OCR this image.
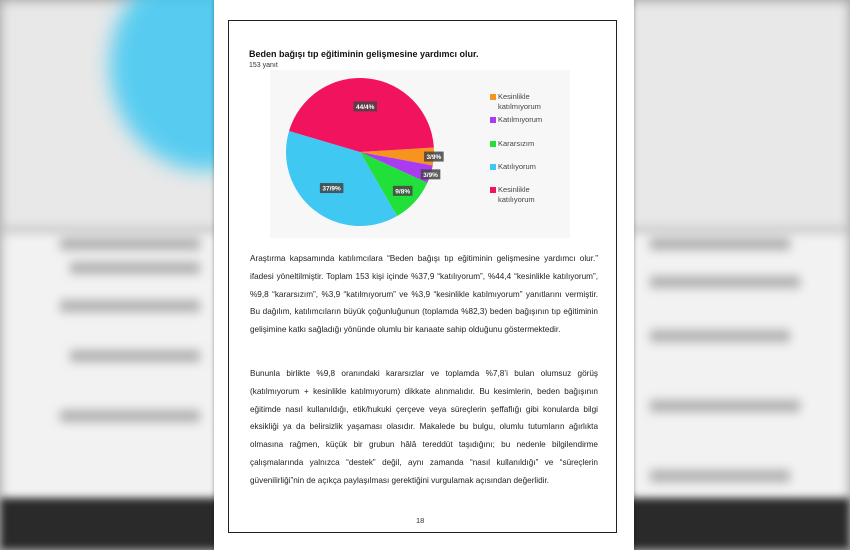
Beden bağışı tıp eğitiminin gelişmesine yardımcı olur.
153 yanıt
3/9%
3/9%
9/8%
37/9%
44/4%
Kesinlikle katılmıyorum
Katılmıyorum
Kararsızım
Katılıyorum
Kesinlikle katılıyorum
Araştırma kapsamında katılımcılara “Beden bağışı tıp eğitiminin gelişmesine yardımcı olur.” ifadesi yöneltilmiştir. Toplam 153 kişi içinde %37,9 “katılıyorum”, %44,4 “kesinlikle katılıyorum”, %9,8 “kararsızım”, %3,9 “katılmıyorum” ve %3,9 “kesinlikle katılmıyorum” yanıtlarını vermiştir. Bu dağılım, katılımcıların büyük çoğunluğunun (toplamda %82,3) beden bağışının tıp eğitiminin gelişimine katkı sağladığı yönünde olumlu bir kanaate sahip olduğunu göstermektedir.
Bununla birlikte %9,8 oranındaki kararsızlar ve toplamda %7,8’i bulan olumsuz görüş (katılmıyorum + kesinlikle katılmıyorum) dikkate alınmalıdır. Bu kesimlerin, beden bağışının eğitimde nasıl kullanıldığı, etik/hukuki çerçeve veya süreçlerin şeffaflığı gibi konularda bilgi eksikliği ya da belirsizlik yaşaması olasıdır. Makalede bu bulgu, olumlu tutumların ağırlıkta olmasına rağmen, küçük bir grubun hâlâ tereddüt taşıdığını; bu nedenle bilgilendirme çalışmalarında yalnızca “destek” değil, aynı zamanda “nasıl kullanıldığı” ve “süreçlerin güvenilirliği”nin de açıkça paylaşılması gerektiğini vurgulamak açısından değerlidir.
18
